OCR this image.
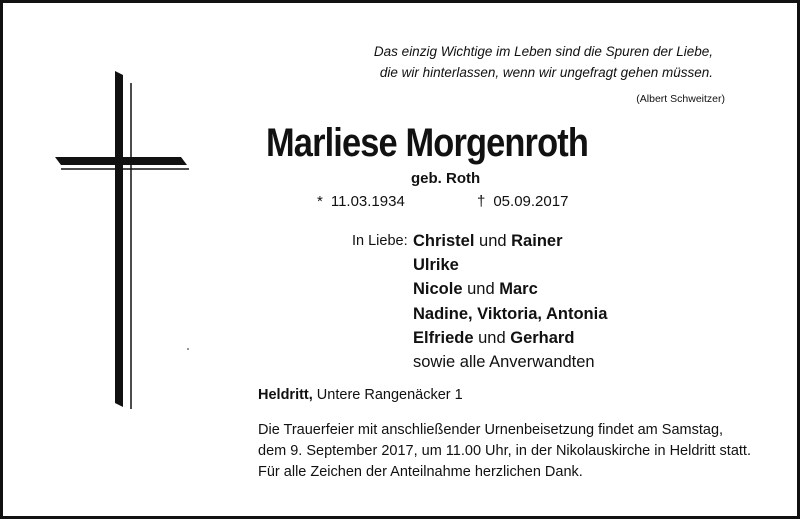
Das einzig Wichtige im Leben sind die Spuren der Liebe,
die wir hinterlassen, wenn wir ungefragt gehen müssen.
(Albert Schweitzer)
Marliese Morgenroth
geb. Roth
* 11.03.1934	† 05.09.2017
In Liebe: Christel und Rainer
Ulrike
Nicole und Marc
Nadine, Viktoria, Antonia
Elfriede und Gerhard
sowie alle Anverwandten
Heldritt, Untere Rangenäcker 1
Die Trauerfeier mit anschließender Urnenbeisetzung findet am Samstag,
dem 9. September 2017, um 11.00 Uhr, in der Nikolauskirche in Heldritt statt.
Für alle Zeichen der Anteilnahme herzlichen Dank.
